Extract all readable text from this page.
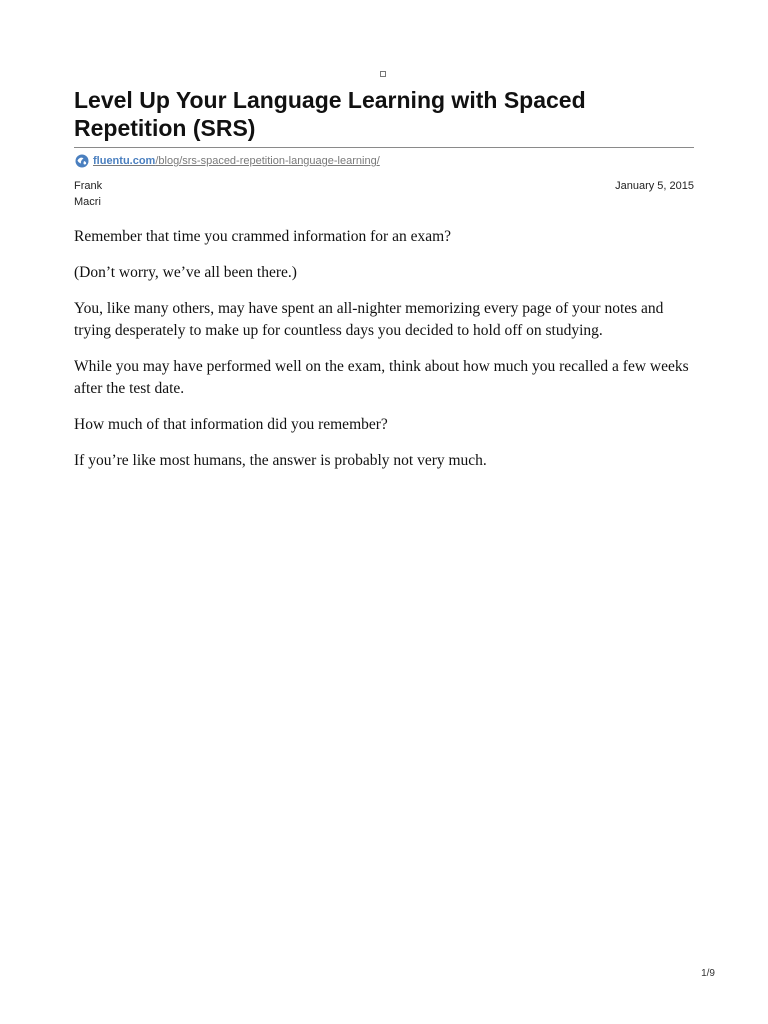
Level Up Your Language Learning with Spaced Repetition (SRS)
fluentu.com/blog/srs-spaced-repetition-language-learning/
Frank
Macri
January 5, 2015

Remember that time you crammed information for an exam?

(Don’t worry, we’ve all been there.)

You, like many others, may have spent an all-nighter memorizing every page of your notes and trying desperately to make up for countless days you decided to hold off on studying.

While you may have performed well on the exam, think about how much you recalled a few weeks after the test date.

How much of that information did you remember?

If you’re like most humans, the answer is probably not very much.

1/9
